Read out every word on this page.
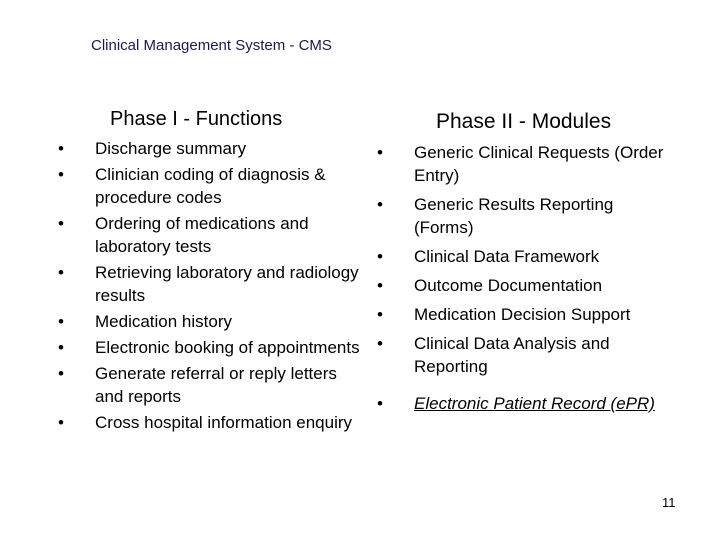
Clinical Management System - CMS
Phase I - Functions	Phase II - Modules
•	Discharge summary
•	Clinician coding of diagnosis & procedure codes
•	Ordering of medications and laboratory tests
•	Retrieving laboratory and radiology results
•	Medication history
•	Electronic booking of appointments
•	Generate referral or reply letters and reports
•	Cross hospital information enquiry
•	Generic Clinical Requests (Order Entry)
•	Generic Results Reporting (Forms)
•	Clinical Data Framework
•	Outcome Documentation
•	Medication Decision Support
•	Clinical Data Analysis and Reporting
•	Electronic Patient Record (ePR)
11
